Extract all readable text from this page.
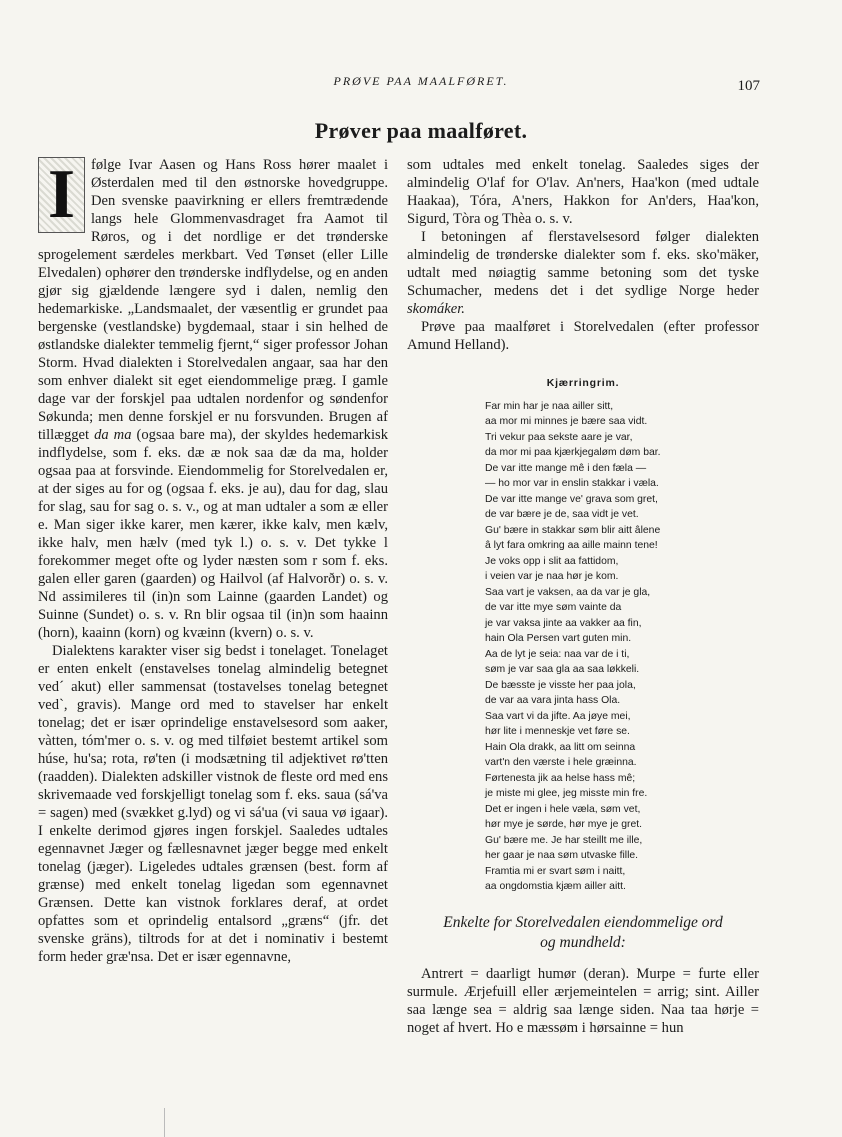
PRØVE PAA MAALFØRET.	107
Prøver paa maalføret.

I følge Ivar Aasen og Hans Ross hører maalet i Østerdalen med til den østnorske hovedgruppe. Den svenske paavirkning er ellers fremtrædende langs hele Glommenvasdraget fra Aamot til Røros, og i det nordlige er det trønderske sprogelement særdeles merkbart. Ved Tønset (eller Lille Elvedalen) ophører den trønderske indflydelse, og en anden gjør sig gjældende længere syd i dalen, nemlig den hedemarkiske. „Landsmaalet, der væsentlig er grundet paa bergenske (vestlandske) bygdemaal, staar i sin helhed de østlandske dialekter temmelig fjernt,“ siger professor Johan Storm. Hvad dialekten i Storelvedalen angaar, saa har den som enhver dialekt sit eget eiendommelige præg. I gamle dage var der forskjel paa udtalen nordenfor og søndenfor Søkunda; men denne forskjel er nu forsvunden. Brugen af tillægget da ma (ogsaa bare ma), der skyldes hedemarkisk indflydelse, som f. eks. dæ æ nok saa dæ da ma, holder ogsaa paa at forsvinde. Eiendommelig for Storelvedalen er, at der siges au for og (ogsaa f. eks. je au), dau for dag, slau for slag, sau for sag o. s. v., og at man udtaler a som æ eller e. Man siger ikke karer, men kærer, ikke kalv, men kælv, ikke halv, men hælv (med tyk l.) o. s. v. Det tykke l forekommer meget ofte og lyder næsten som r som f. eks. galen eller garen (gaarden) og Hailvol (af Halvorðr) o. s. v. Nd assimileres til (in)n som Lainne (gaarden Landet) og Suinne (Sundet) o. s. v. Rn blir ogsaa til (in)n som haainn (horn), kaainn (korn) og kvæinn (kvern) o. s. v.

Dialektens karakter viser sig bedst i tonelaget. Tonelaget er enten enkelt (enstavelses tonelag almindelig betegnet ved´ akut) eller sammensat (tostavelses tonelag betegnet ved`, gravis). Mange ord med to stavelser har enkelt tonelag; det er især oprindelige enstavelsesord som aaker, vàtten, tóm'mer o. s. v. og med tilføiet bestemt artikel som húse, hu'sa; rota, rø'ten (i modsætning til adjektivet rø'tten (raadden). Dialekten adskiller vistnok de fleste ord med ens skrivemaade ved forskjelligt tonelag som f. eks. saua (sá'va = sagen) med (svækket g.lyd) og vi sá'ua (vi saua vø igaar). I enkelte derimod gjøres ingen forskjel. Saaledes udtales egennavnet Jæger og fællesnavnet jæger begge med enkelt tonelag (jæger). Ligeledes udtales grænsen (best. form af grænse) med enkelt tonelag ligedan som egennavnet Grænsen. Dette kan vistnok forklares deraf, at ordet opfattes som et oprindelig entalsord „græns“ (jfr. det svenske gräns), tiltrods for at det i nominativ i bestemt form heder græ'nsa. Det er især egennavne,

som udtales med enkelt tonelag. Saaledes siges der almindelig O'laf for O'lav. An'ners, Haa'kon (med udtale Haakaa), Tóra, A'ners, Hakkon for An'ders, Haa'kon, Sigurd, Tòra og Thèa o. s. v.

I betoningen af flerstavelsesord følger dialekten almindelig de trønderske dialekter som f. eks. sko'mäker, udtalt med nøiagtig samme betoning som det tyske Schumacher, medens det i det sydlige Norge heder skomáker.

Prøve paa maalføret i Storelvedalen (efter professor Amund Helland).

Kjærringrim.
Far min har je naa ailler sitt,
aa mor mi minnes je bære saa vidt.
Tri vekur paa sekste aare je var,
da mor mi paa kjærkjegaløm døm bar.
De var itte mange mê i den fæla —
— ho mor var in enslin stakkar i væla.
De var itte mange ve' grava som gret,
de var bære je de, saa vidt je vet.
Gu' bære in stakkar søm blir aitt âlene
â lyt fara omkring aa aille mainn tene!
Je voks opp i slit aa fattidom,
i veien var je naa hør je kom.
Saa vart je vaksen, aa da var je gla,
de var itte mye søm vainte da
je var vaksa jinte aa vakker aa fin,
hain Ola Persen vart guten min.
Aa de lyt je seia: naa var de i ti,
søm je var saa gla aa saa løkkeli.
De bæsste je visste her paa jola,
de var aa vara jinta hass Ola.
Saa vart vi da jifte. Aa jøye mei,
hør lite i menneskje vet føre se.
Hain Ola drakk, aa litt om seinna
vart'n den værste i hele græinna.
Førtenesta jik aa helse hass mê;
je miste mi glee, jeg misste min fre.
Det er ingen i hele væla, søm vet,
hør mye je sørde, hør mye je gret.
Gu' bære me. Je har steillt me ille,
her gaar je naa søm utvaske fille.
Framtia mi er svart søm i naitt,
aa ongdomstia kjæm ailler aitt.
Enkelte for Storelvedalen eiendommelige ord
og mundheld:

Antrert = daarligt humør (deran). Murpe = furte eller surmule. Ærjefuill eller ærjemeintelen = arrig; sint. Ailler saa længe sea = aldrig saa længe siden. Naa taa hørje = noget af hvert. Ho e mæssøm i hørsainne = hun
